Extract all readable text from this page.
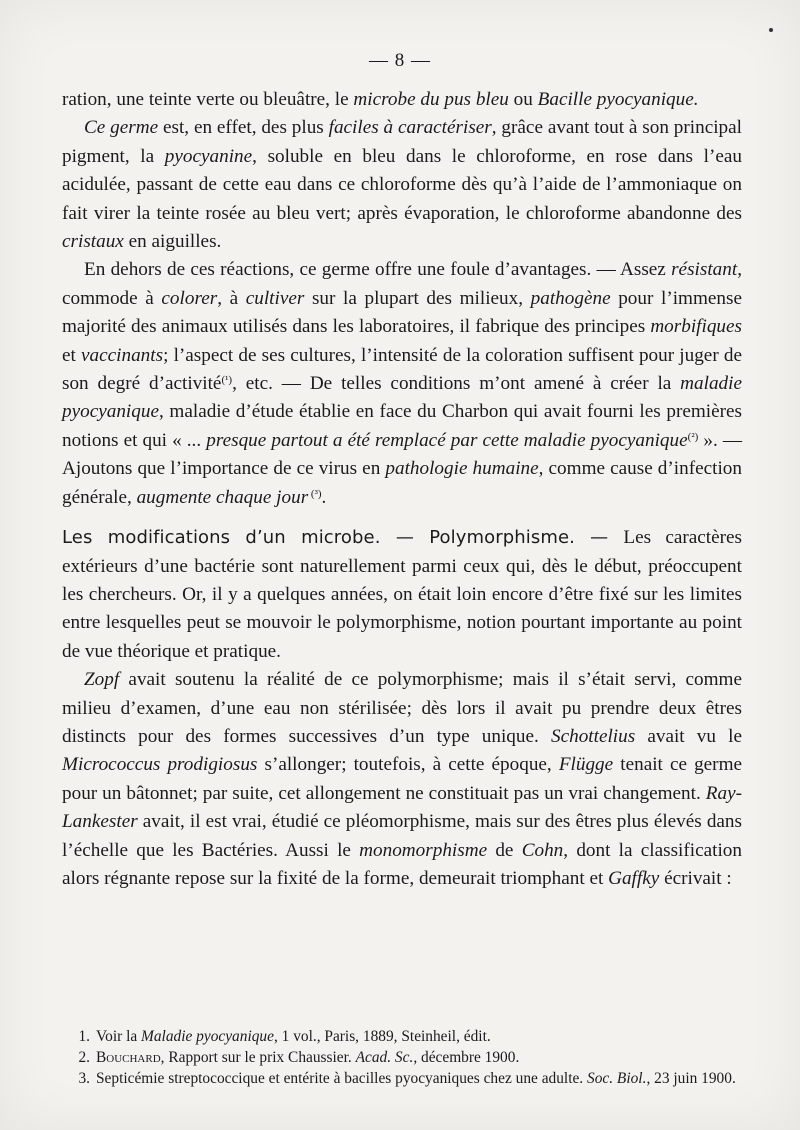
— 8 —

ration, une teinte verte ou bleuâtre, le microbe du pus bleu ou Bacille pyocyanique.

Ce germe est, en effet, des plus faciles à caractériser, grâce avant tout à son principal pigment, la pyocyanine, soluble en bleu dans le chloroforme, en rose dans l’eau acidulée, passant de cette eau dans ce chloroforme dès qu’à l’aide de l’ammoniaque on fait virer la teinte rosée au bleu vert; après évaporation, le chloroforme abandonne des cristaux en aiguilles.

En dehors de ces réactions, ce germe offre une foule d’avantages. — Assez résistant, commode à colorer, à cultiver sur la plupart des milieux, pathogène pour l’immense majorité des animaux utilisés dans les laboratoires, il fabrique des principes morbifiques et vaccinants; l’aspect de ses cultures, l’intensité de la coloration suffisent pour juger de son degré d’activité$^{(^1)}$, etc. — De telles conditions m’ont amené à créer la maladie pyocyanique, maladie d’étude établie en face du Charbon qui avait fourni les premières notions et qui « ... presque partout a été remplacé par cette maladie pyocyanique$^{(^2)}$ ». — Ajoutons que l’importance de ce virus en pathologie humaine, comme cause d’infection générale, augmente chaque jour $^{(^3)}$.

Les modifications d’un microbe. — Polymorphisme. — Les caractères extérieurs d’une bactérie sont naturellement parmi ceux qui, dès le début, préoccupent les chercheurs. Or, il y a quelques années, on était loin encore d’être fixé sur les limites entre lesquelles peut se mouvoir le polymorphisme, notion pourtant importante au point de vue théorique et pratique.

Zopf avait soutenu la réalité de ce polymorphisme; mais il s’était servi, comme milieu d’examen, d’une eau non stérilisée; dès lors il avait pu prendre deux êtres distincts pour des formes successives d’un type unique. Schottelius avait vu le Micrococcus prodigiosus s’allonger; toutefois, à cette époque, Flügge tenait ce germe pour un bâtonnet; par suite, cet allongement ne constituait pas un vrai changement. Ray-Lankester avait, il est vrai, étudié ce pléomorphisme, mais sur des êtres plus élevés dans l’échelle que les Bactéries. Aussi le monomorphisme de Cohn, dont la classification alors régnante repose sur la fixité de la forme, demeurait triomphant et Gaffky écrivait :

1. Voir la Maladie pyocyanique, 1 vol., Paris, 1889, Steinheil, édit.

2. Bouchard, Rapport sur le prix Chaussier. Acad. Sc., décembre 1900.

3. Septicémie streptococcique et entérite à bacilles pyocyaniques chez une adulte. Soc. Biol., 23 juin 1900.
